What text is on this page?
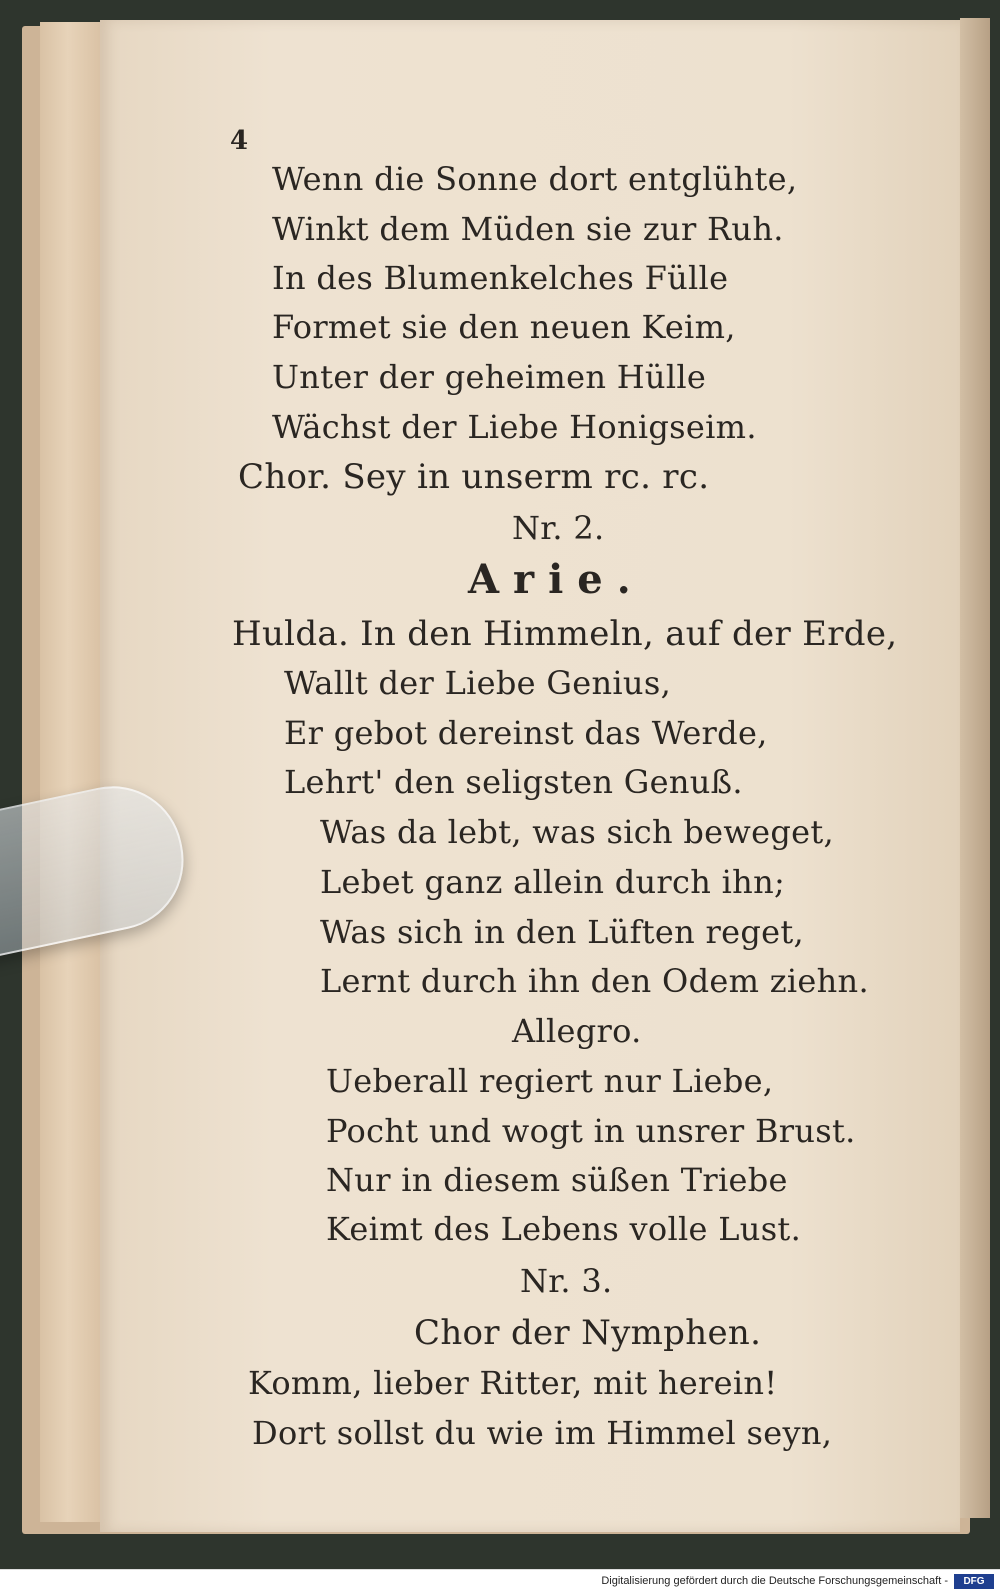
4
Wenn die Sonne dort entglühte,
Winkt dem Müden sie zur Ruh.
In des Blumenkelches Fülle
Formet sie den neuen Keim,
Unter der geheimen Hülle
Wächst der Liebe Honigseim.
Chor. Sey in unserm rc. rc.
Nr. 2.
Arie.
Hulda. In den Himmeln, auf der Erde,
Wallt der Liebe Genius,
Er gebot dereinst das Werde,
Lehrt' den seligsten Genuß.
Was da lebt, was sich beweget,
Lebet ganz allein durch ihn;
Was sich in den Lüften reget,
Lernt durch ihn den Odem ziehn.
Allegro.
Ueberall regiert nur Liebe,
Pocht und wogt in unsrer Brust.
Nur in diesem süßen Triebe
Keimt des Lebens volle Lust.
Nr. 3.
Chor der Nymphen.
Komm, lieber Ritter, mit herein!
Dort sollst du wie im Himmel seyn,
Digitalisierung gefördert durch die Deutsche Forschungsgemeinschaft -	DFG
